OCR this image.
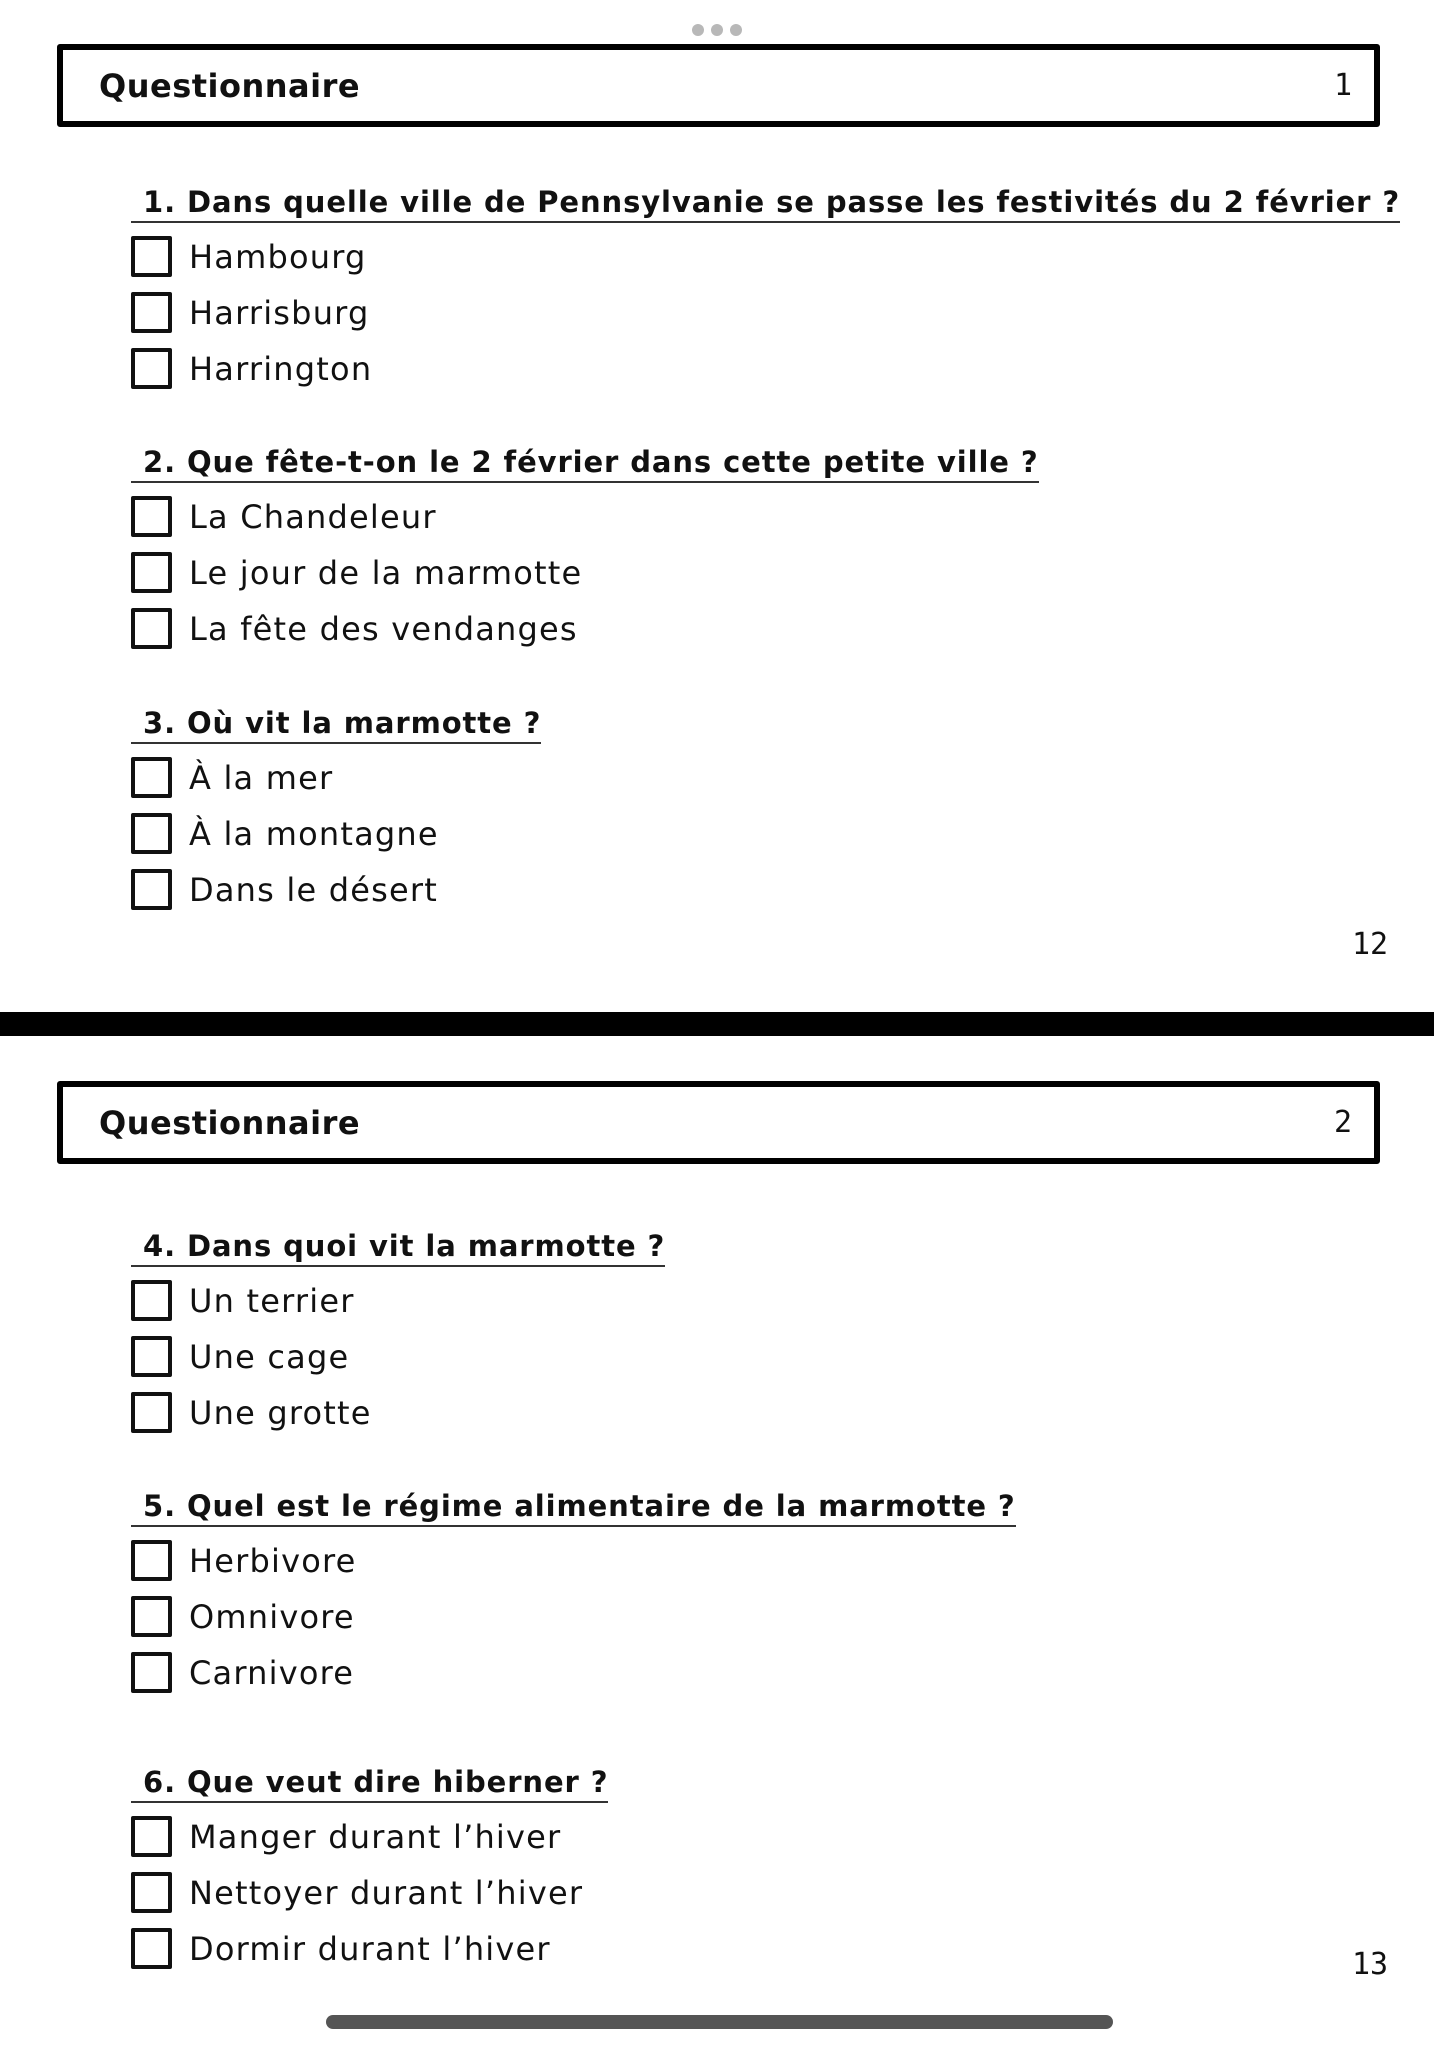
Questionnaire	1
1. Dans quelle ville de Pennsylvanie se passe les festivités du 2 février ?
Hambourg
Harrisburg
Harrington
2. Que fête-t-on le 2 février dans cette petite ville ?
La Chandeleur
Le jour de la marmotte
La fête des vendanges
3. Où vit la marmotte ?
À la mer
À la montagne
Dans le désert
12
Questionnaire	2
4. Dans quoi vit la marmotte ?
Un terrier
Une cage
Une grotte
5. Quel est le régime alimentaire de la marmotte ?
Herbivore
Omnivore
Carnivore
6. Que veut dire hiberner ?
Manger durant l’hiver
Nettoyer durant l’hiver
Dormir durant l’hiver	13
